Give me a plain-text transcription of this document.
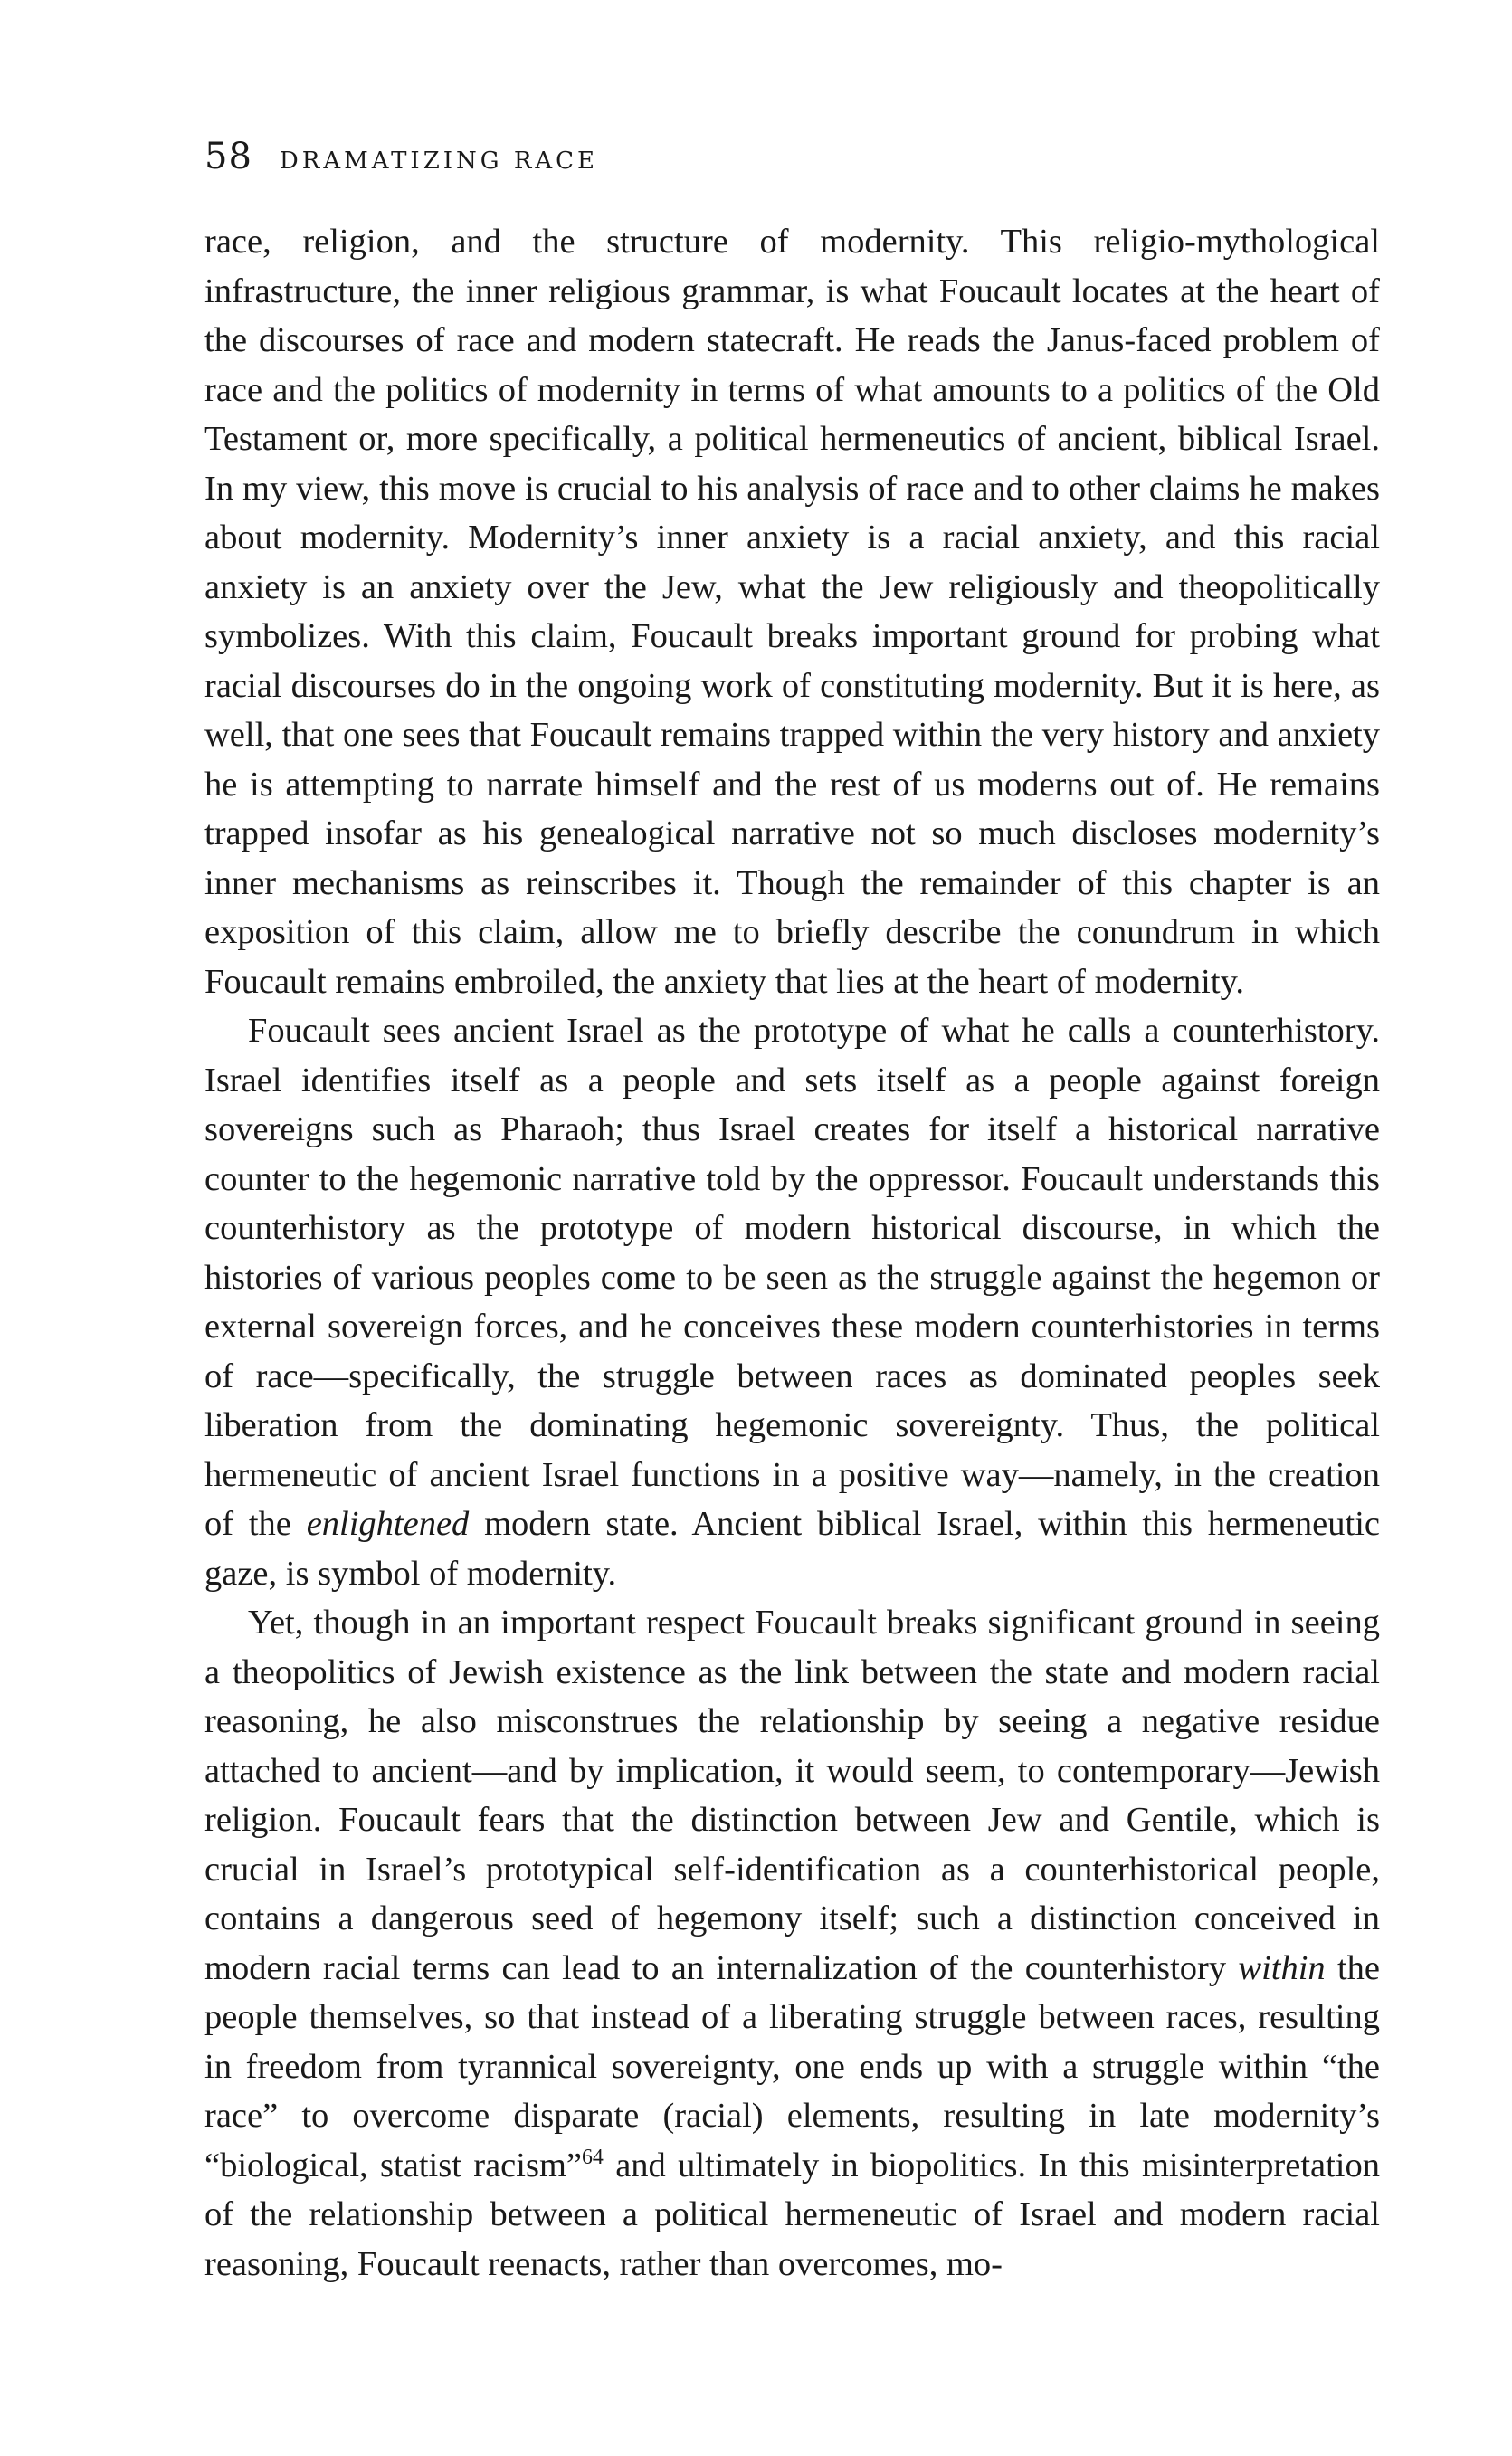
58 DRAMATIZING RACE

race, religion, and the structure of modernity. This religio-mythological infrastructure, the inner religious grammar, is what Foucault locates at the heart of the discourses of race and modern statecraft. He reads the Janus-faced problem of race and the politics of modernity in terms of what amounts to a politics of the Old Testament or, more specifically, a political hermeneutics of ancient, biblical Israel. In my view, this move is crucial to his analysis of race and to other claims he makes about modernity. Modernity’s inner anxiety is a racial anxiety, and this racial anxiety is an anxiety over the Jew, what the Jew religiously and theopolitically symbolizes. With this claim, Foucault breaks important ground for probing what racial discourses do in the ongoing work of constituting modernity. But it is here, as well, that one sees that Foucault remains trapped within the very history and anxiety he is attempting to narrate himself and the rest of us moderns out of. He remains trapped insofar as his genealogical narrative not so much discloses modernity’s inner mechanisms as reinscribes it. Though the remainder of this chapter is an exposition of this claim, allow me to briefly describe the conundrum in which Foucault remains embroiled, the anxiety that lies at the heart of modernity.

Foucault sees ancient Israel as the prototype of what he calls a counterhistory. Israel identifies itself as a people and sets itself as a people against foreign sovereigns such as Pharaoh; thus Israel creates for itself a historical narrative counter to the hegemonic narrative told by the oppressor. Foucault understands this counterhistory as the prototype of modern historical discourse, in which the histories of various peoples come to be seen as the struggle against the hegemon or external sovereign forces, and he conceives these modern counterhistories in terms of race—specifically, the struggle between races as dominated peoples seek liberation from the dominating hegemonic sovereignty. Thus, the political hermeneutic of ancient Israel functions in a positive way—namely, in the creation of the enlightened modern state. Ancient biblical Israel, within this hermeneutic gaze, is symbol of modernity.

Yet, though in an important respect Foucault breaks significant ground in seeing a theopolitics of Jewish existence as the link between the state and modern racial reasoning, he also misconstrues the relationship by seeing a negative residue attached to ancient—and by implication, it would seem, to contemporary—Jewish religion. Foucault fears that the distinction between Jew and Gentile, which is crucial in Israel’s prototypical self-identification as a counterhistorical people, contains a dangerous seed of hegemony itself; such a distinction conceived in modern racial terms can lead to an internalization of the counterhistory within the people themselves, so that instead of a liberating struggle between races, resulting in freedom from tyrannical sovereignty, one ends up with a struggle within “the race” to overcome disparate (racial) elements, resulting in late modernity’s “biological, statist racism”$^{64}$ and ultimately in biopolitics. In this misinterpretation of the relationship between a political hermeneutic of Israel and modern racial reasoning, Foucault reenacts, rather than overcomes, mo-
